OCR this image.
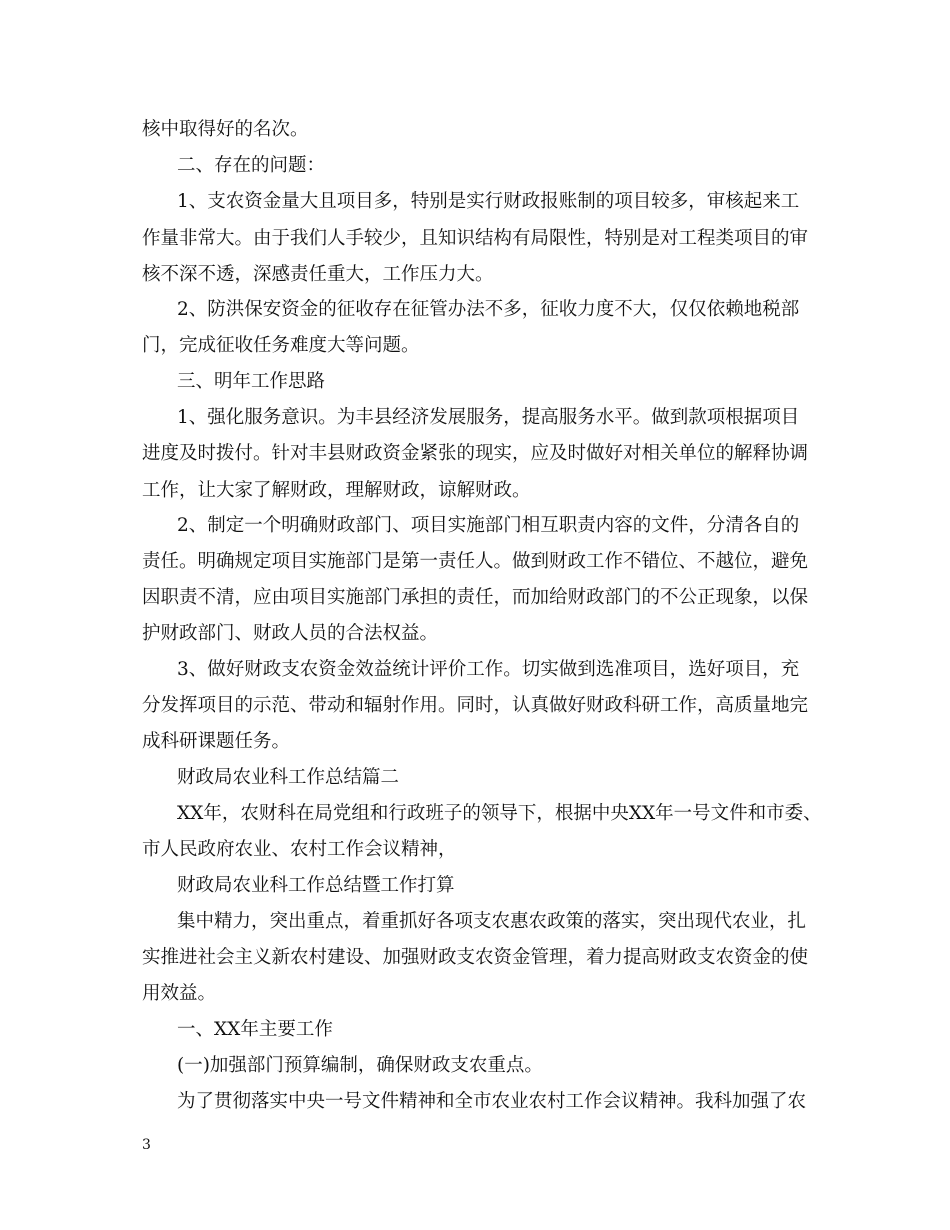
核中取得好的名次。
二、存在的问题：
1、支农资金量大且项目多，特别是实行财政报账制的项目较多，审核起来工
作量非常大。由于我们人手较少，且知识结构有局限性，特别是对工程类项目的审
核不深不透，深感责任重大，工作压力大。
2、防洪保安资金的征收存在征管办法不多，征收力度不大，仅仅依赖地税部
门，完成征收任务难度大等问题。
三、明年工作思路
1、强化服务意识。为丰县经济发展服务，提高服务水平。做到款项根据项目
进度及时拨付。针对丰县财政资金紧张的现实，应及时做好对相关单位的解释协调
工作，让大家了解财政，理解财政，谅解财政。
2、制定一个明确财政部门、项目实施部门相互职责内容的文件，分清各自的
责任。明确规定项目实施部门是第一责任人。做到财政工作不错位、不越位，避免
因职责不清，应由项目实施部门承担的责任，而加给财政部门的不公正现象，以保
护财政部门、财政人员的合法权益。
3、做好财政支农资金效益统计评价工作。切实做到选准项目，选好项目，充
分发挥项目的示范、带动和辐射作用。同时，认真做好财政科研工作，高质量地完
成科研课题任务。
财政局农业科工作总结篇二
XX年，农财科在局党组和行政班子的领导下，根据中央XX年一号文件和市委、
市人民政府农业、农村工作会议精神，
财政局农业科工作总结暨工作打算
集中精力，突出重点，着重抓好各项支农惠农政策的落实，突出现代农业，扎
实推进社会主义新农村建设、加强财政支农资金管理，着力提高财政支农资金的使
用效益。
一、XX年主要工作
(一)加强部门预算编制，确保财政支农重点。
为了贯彻落实中央一号文件精神和全市农业农村工作会议精神。我科加强了农
3
